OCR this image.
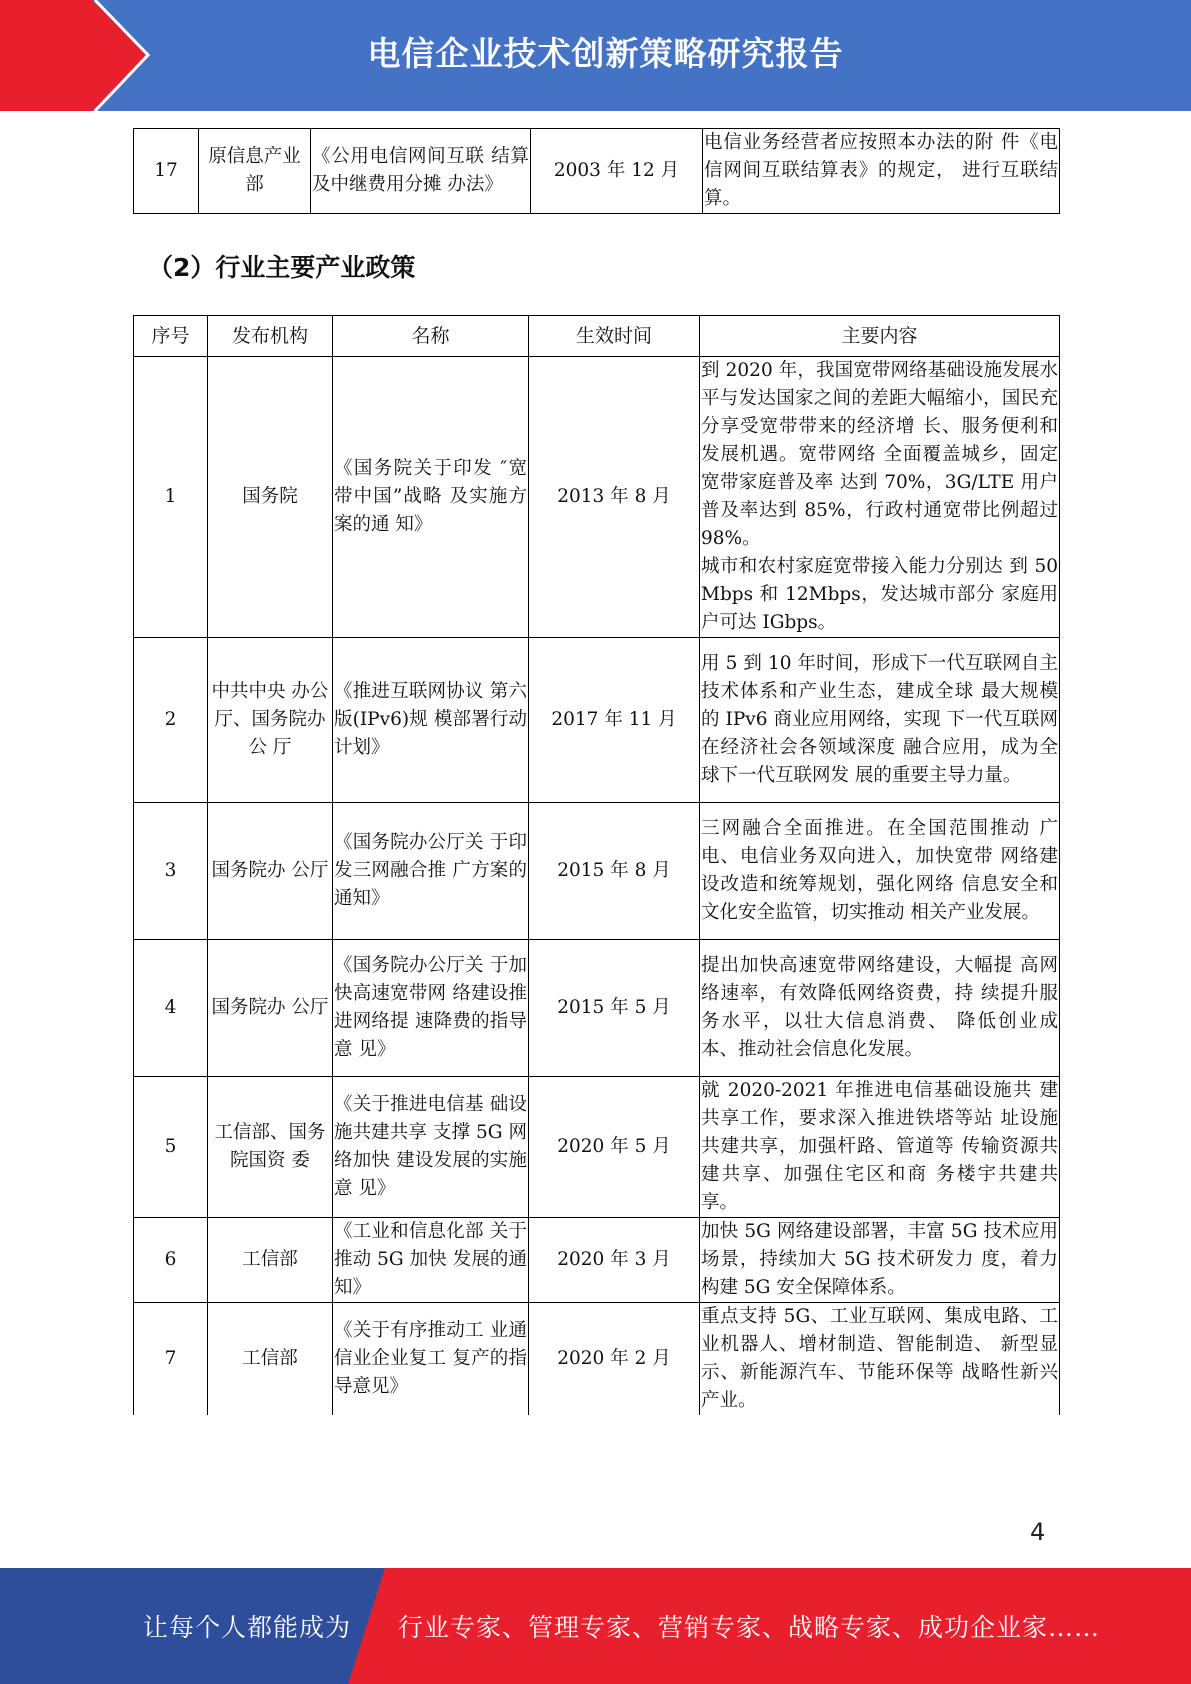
电信企业技术创新策略研究报告
17	原信息产业部	《公用电信网间互联 结算及中继费用分摊 办法》	2003 年 12 月	电信业务经营者应按照本办法的附 件《电信网间互联结算表》的规定， 进行互联结算。
（2）行业主要产业政策
序号	发布机构	名称	生效时间	主要内容
1	国务院	《国务院关于印发 ″宽带中国”战略 及实施方案的通 知》	2013 年 8 月	到 2020 年，我国宽带网络基础设施发展水平与发达国家之间的差距大幅缩小，国民充分享受宽带带来的经济增 长、服务便利和发展机遇。宽带网络 全面覆盖城乡，固定宽带家庭普及率 达到 70%，3G/LTE 用户普及率达到 85%，行政村通宽带比例超过 98%。
城市和农村家庭宽带接入能力分别达 到 50Mbps 和 12Mbps，发达城市部分 家庭用户可达 IGbps。
2	中共中央 办公厅、国务院办公 厅	《推进互联网协议 第六版(IPv6)规 模部署行动计划》	2017 年 11 月	用 5 到 10 年时间，形成下一代互联网自主技术体系和产业生态，建成全球 最大规模的 IPv6 商业应用网络，实现 下一代互联网在经济社会各领域深度 融合应用，成为全球下一代互联网发 展的重要主导力量。
3	国务院办 公厅	《国务院办公厅关 于印发三网融合推 广方案的通知》	2015 年 8 月	三网融合全面推进。在全国范围推动 广电、电信业务双向进入，加快宽带 网络建设改造和统筹规划，强化网络 信息安全和文化安全监管，切实推动 相关产业发展。
4	国务院办 公厅	《国务院办公厅关 于加快高速宽带网 络建设推进网络提 速降费的指导意 见》	2015 年 5 月	提出加快高速宽带网络建设，大幅提 高网络速率，有效降低网络资费，持 续提升服务水平，以壮大信息消费、 降低创业成本、推动社会信息化发展。
5	工信部、国务院国资 委	《关于推进电信基 础设施共建共享 支撑 5G 网络加快 建设发展的实施意 见》	2020 年 5 月	就 2020-2021 年推进电信基础设施共 建共享工作，要求深入推进铁塔等站 址设施共建共享，加强杆路、管道等 传输资源共建共享、加强住宅区和商 务楼宇共建共享。
6	工信部	《工业和信息化部 关于推动 5G 加快 发展的通知》	2020 年 3 月	加快 5G 网络建设部署，丰富 5G 技术应用场景，持续加大 5G 技术研发力 度，着力构建 5G 安全保障体系。
7	工信部	《关于有序推动工 业通信业企业复工 复产的指导意见》	2020 年 2 月	重点支持 5G、工业互联网、集成电路、工业机器人、增材制造、智能制造、 新型显示、新能源汽车、节能环保等 战略性新兴产业。
4
让每个人都能成为 行业专家、管理专家、营销专家、战略专家、成功企业家……
